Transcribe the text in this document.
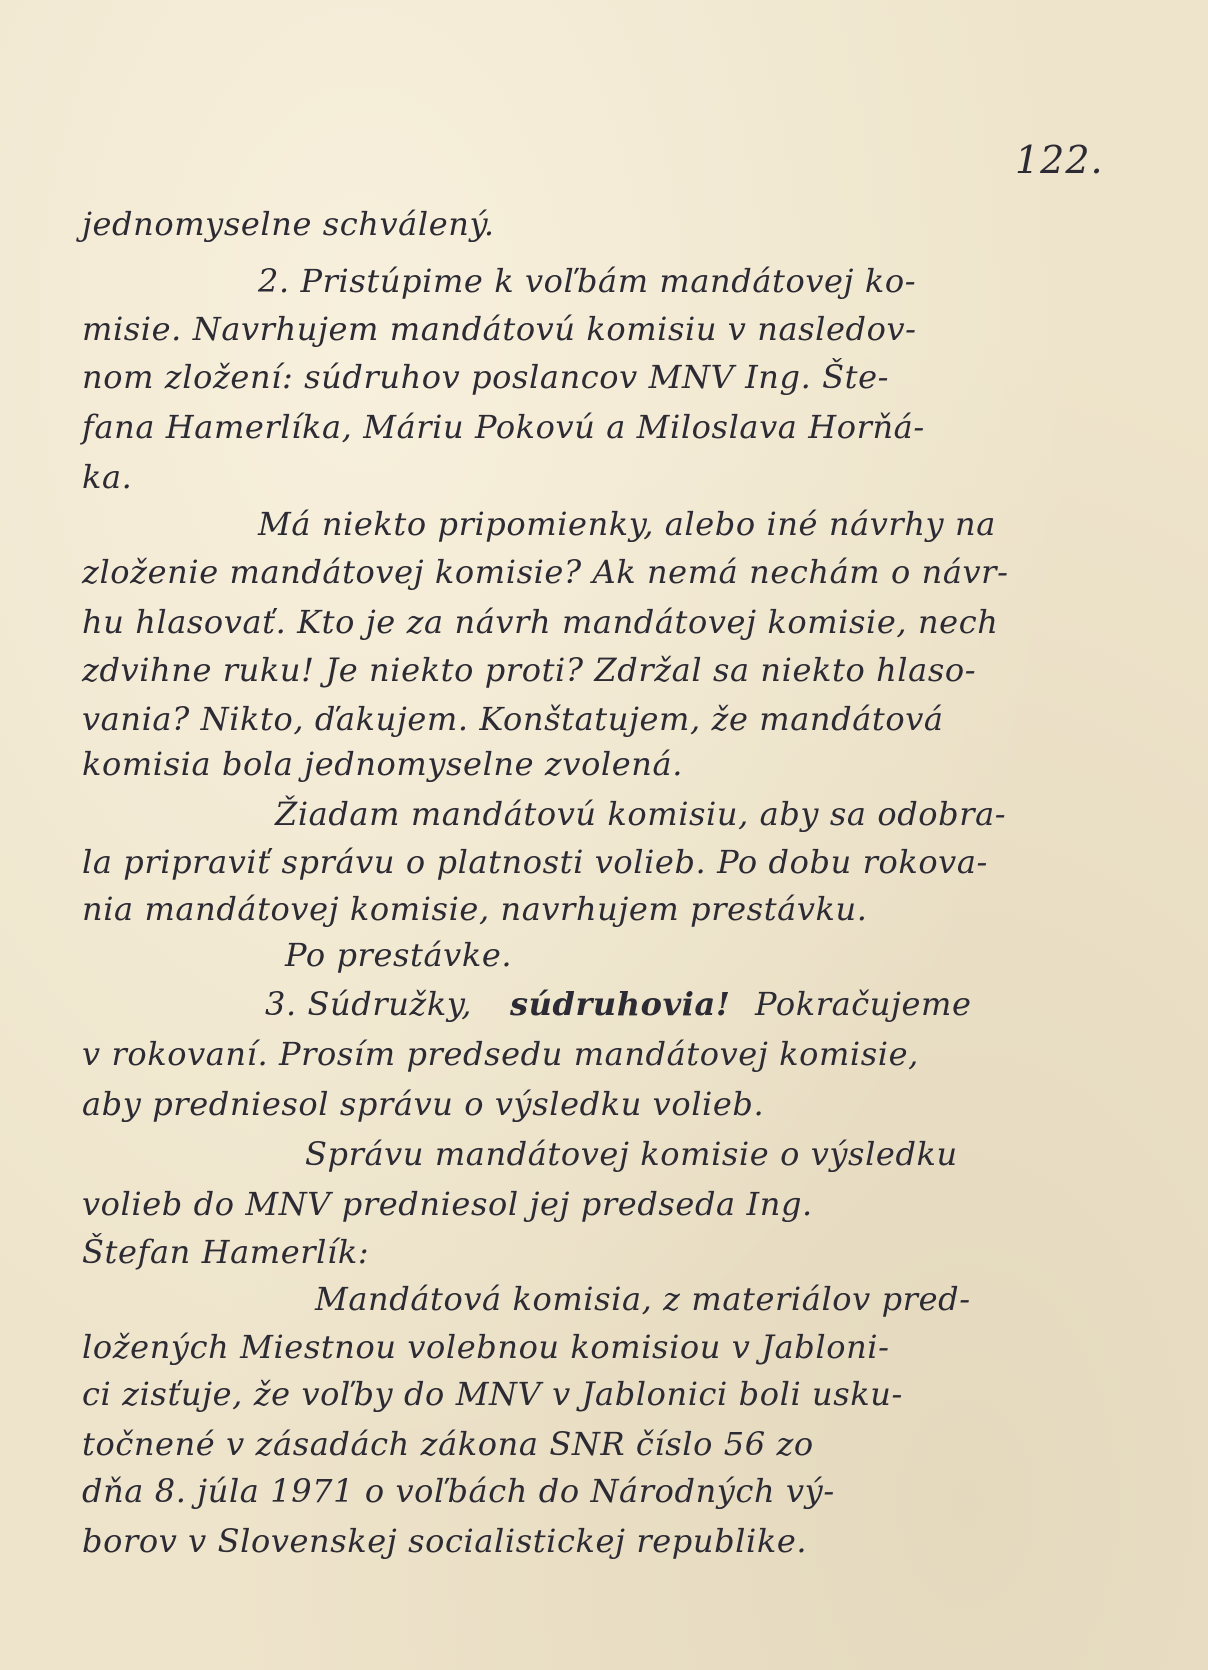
122.
jednomyselne schválený.
2. Pristúpime k voľbám mandátovej ko-
misie. Navrhujem mandátovú komisiu v nasledov-
nom zložení: súdruhov poslancov MNV Ing. Šte-
fana Hamerlíka, Máriu Pokovú a Miloslava Horňá-
ka.
Má niekto pripomienky, alebo iné návrhy na
zloženie mandátovej komisie? Ak nemá nechám o návr-
hu hlasovať. Kto je za návrh mandátovej komisie, nech
zdvihne ruku! Je niekto proti? Zdržal sa niekto hlaso-
vania? Nikto, ďakujem. Konštatujem, že mandátová
komisia bola jednomyselne zvolená.
Žiadam mandátovú komisiu, aby sa odobra-
la pripraviť správu o platnosti volieb. Po dobu rokova-
nia mandátovej komisie, navrhujem prestávku.
Po prestávke.
3. Súdružky, súdruhovia! Pokračujeme
v rokovaní. Prosím predsedu mandátovej komisie,
aby predniesol správu o výsledku volieb.
Správu mandátovej komisie o výsledku
volieb do MNV predniesol jej predseda Ing.
Štefan Hamerlík:
Mandátová komisia, z materiálov pred-
ložených Miestnou volebnou komisiou v Jabloni-
ci zisťuje, že voľby do MNV v Jablonici boli usku-
točnené v zásadách zákona SNR číslo 56 zo
dňa 8. júla 1971 o voľbách do Národných vý-
borov v Slovenskej socialistickej republike.
